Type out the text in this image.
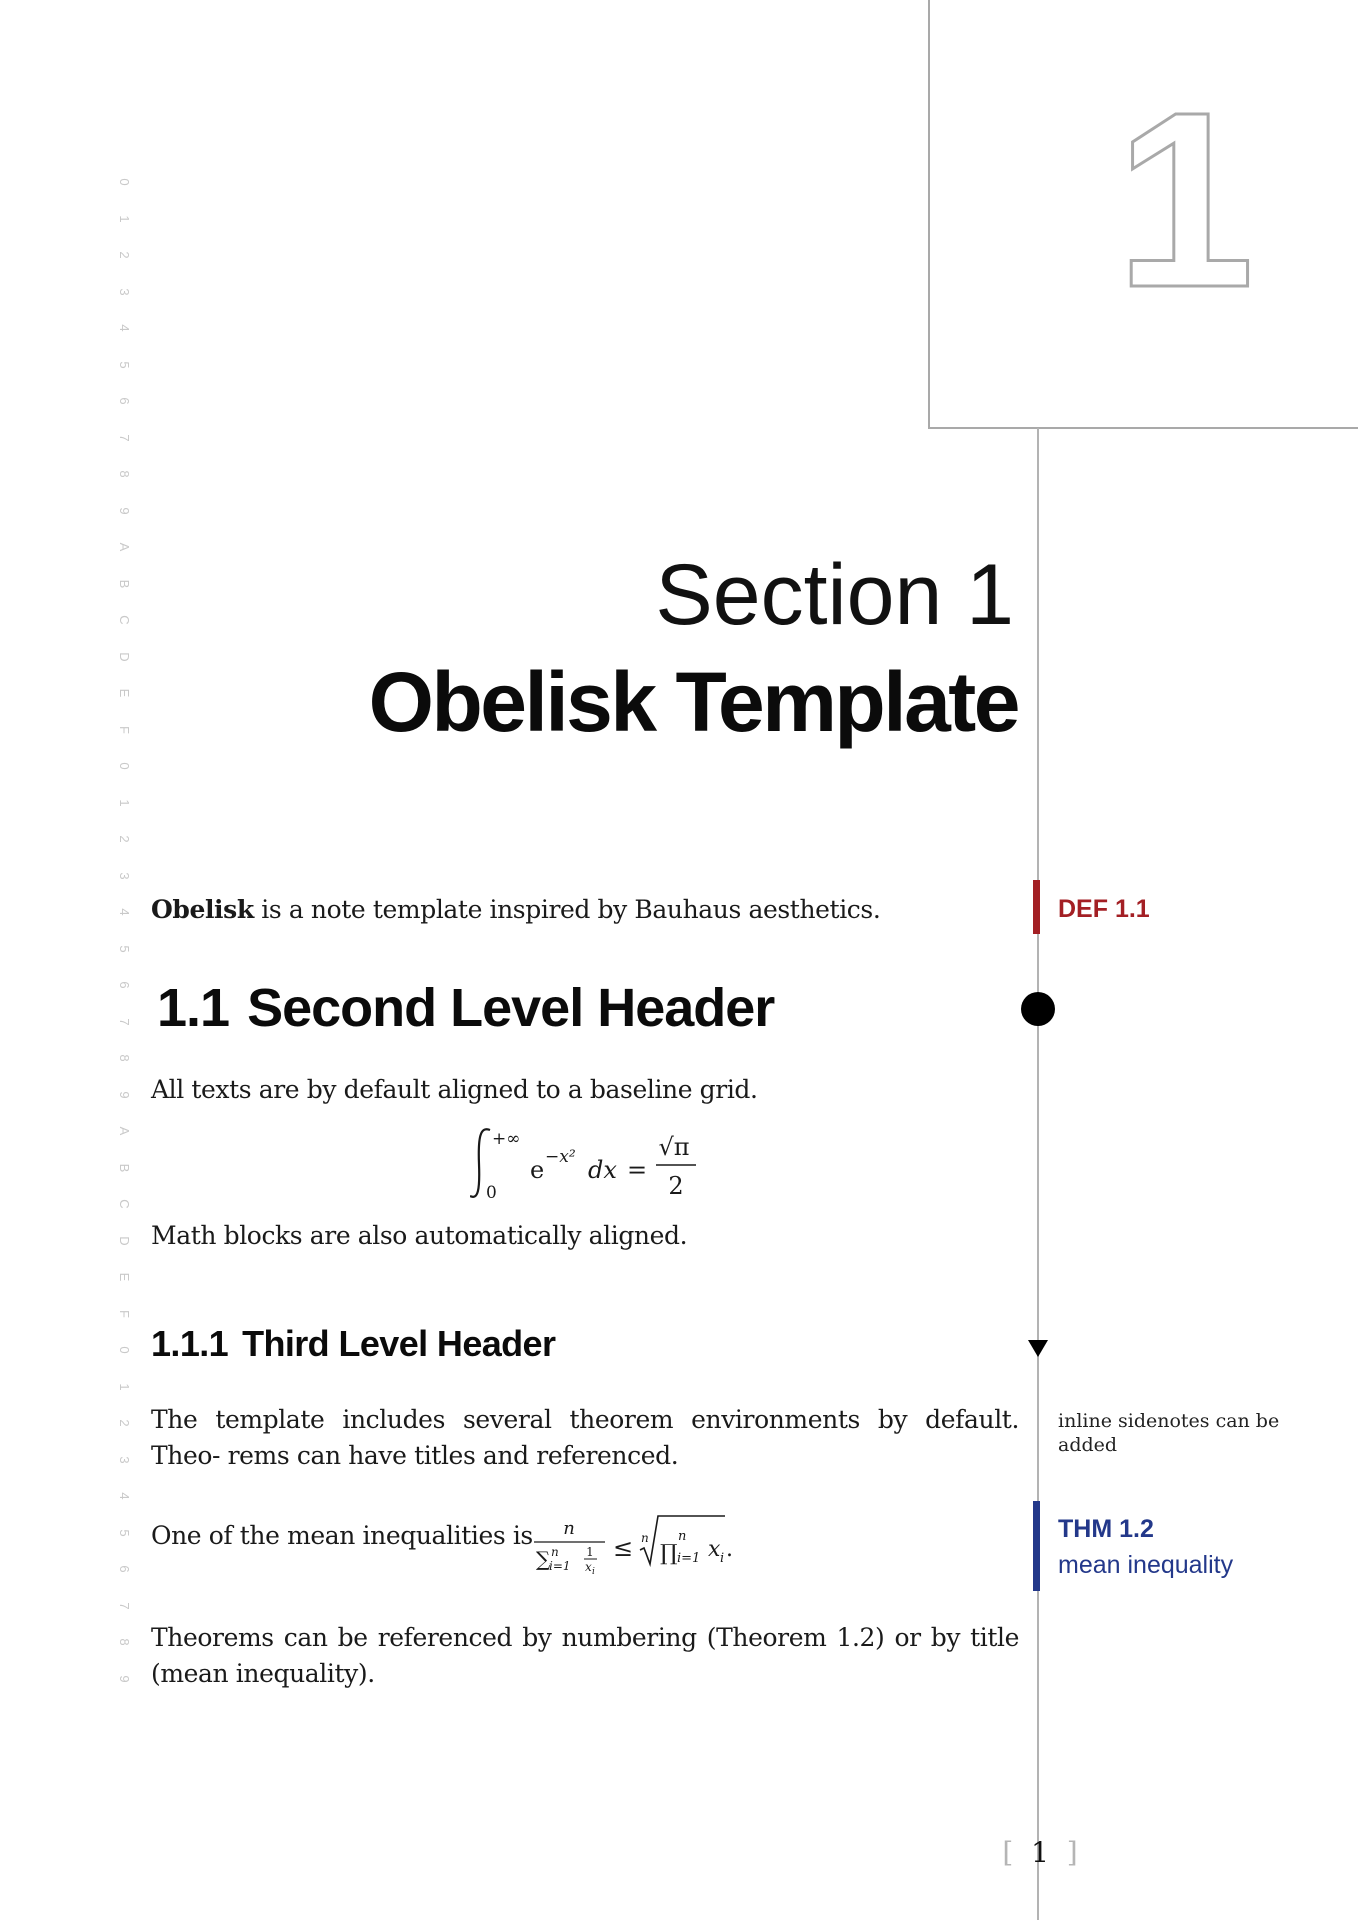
0
1
2
3
4
5
6
7
8
9
A
B
C
D
E
F
0
1
2
3
4
5
6
7
8
9
A
B
C
D
E
F
0
1
2
3
4
5
6
7
8
9
1
Section 1
Obelisk Template
Obelisk is a note template inspired by Bauhaus aesthetics.	DEF 1.1
1.1 Second Level Header
All texts are by default aligned to a baseline grid.
+∞
0
e −x² dx =
√π
2
Math blocks are also automatically aligned.
1.1.1 Third Level Header
The template includes several theorem environments by default. Theo- rems can have titles and referenced.
inline sidenotes can be added
One of the mean inequalities is n
∑ n
i=1
1
x i
≤ n
∏
n
i=1 x i .
THM 1.2
mean inequality
Theorems can be referenced by numbering (Theorem 1.2) or by title (mean inequality).
[ 1 ]
